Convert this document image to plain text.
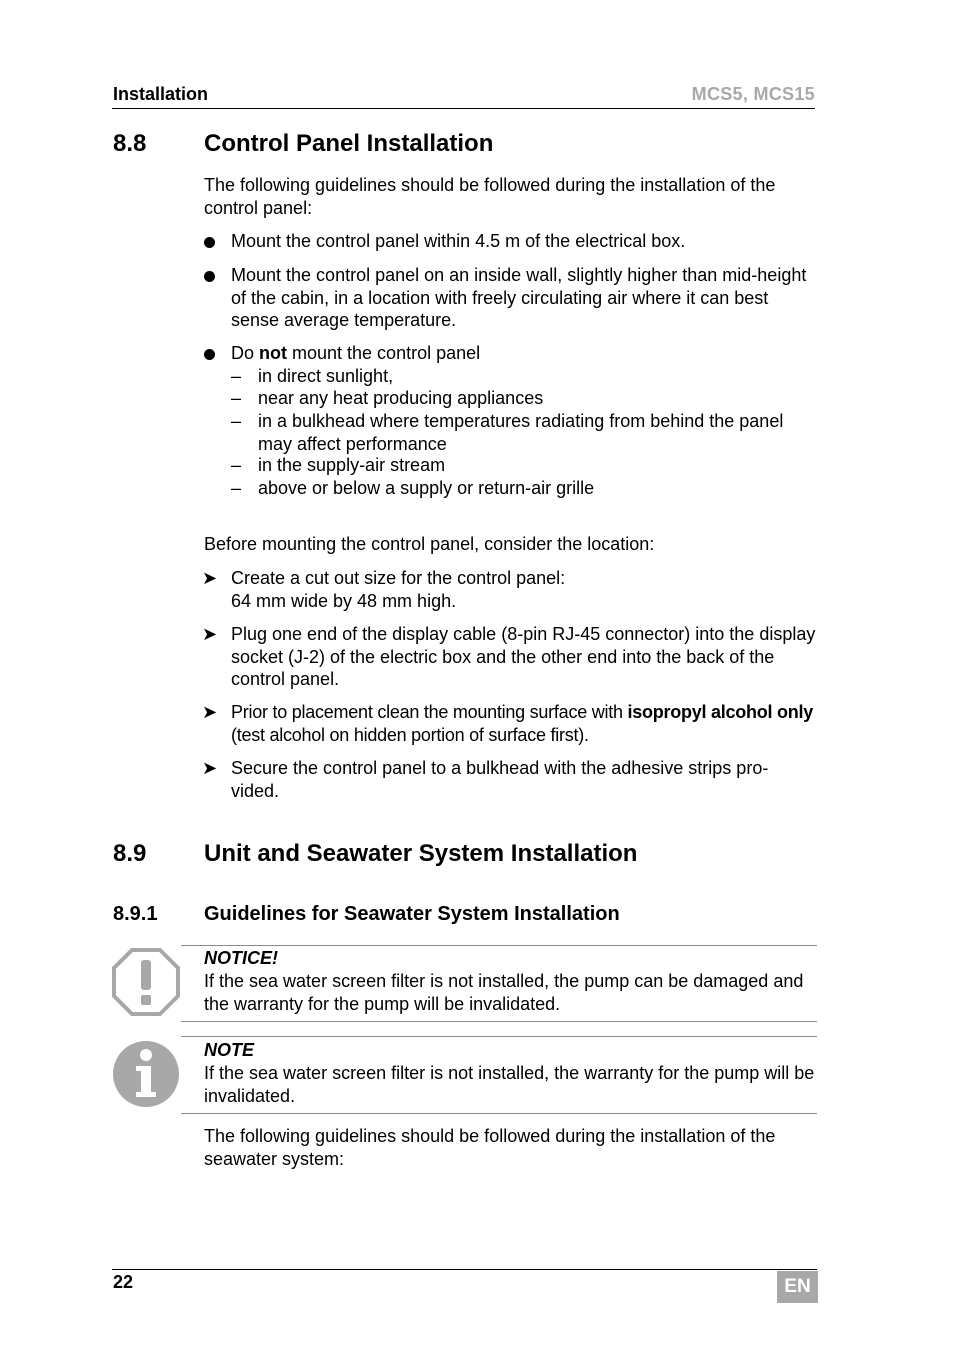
Installation	MCS5, MCS15
8.8 Control Panel Installation
The following guidelines should be followed during the installation of the control panel:
Mount the control panel within 4.5 m of the electrical box.
Mount the control panel on an inside wall, slightly higher than mid-height of the cabin, in a location with freely circulating air where it can best sense average temperature.
Do not mount the control panel
– in direct sunlight,
– near any heat producing appliances
– in a bulkhead where temperatures radiating from behind the panel may affect performance
– in the supply-air stream
– above or below a supply or return-air grille
Before mounting the control panel, consider the location:
➤ Create a cut out size for the control panel:
64 mm wide by 48 mm high.
➤ Plug one end of the display cable (8-pin RJ-45 connector) into the display socket (J-2) of the electric box and the other end into the back of the control panel.
➤ Prior to placement clean the mounting surface with isopropyl alcohol only (test alcohol on hidden portion of surface first).
➤ Secure the control panel to a bulkhead with the adhesive strips pro-vided.
8.9 Unit and Seawater System Installation
8.9.1 Guidelines for Seawater System Installation
NOTICE!
If the sea water screen filter is not installed, the pump can be damaged and the warranty for the pump will be invalidated.
NOTE
If the sea water screen filter is not installed, the warranty for the pump will be invalidated.
The following guidelines should be followed during the installation of the seawater system:
22	EN
